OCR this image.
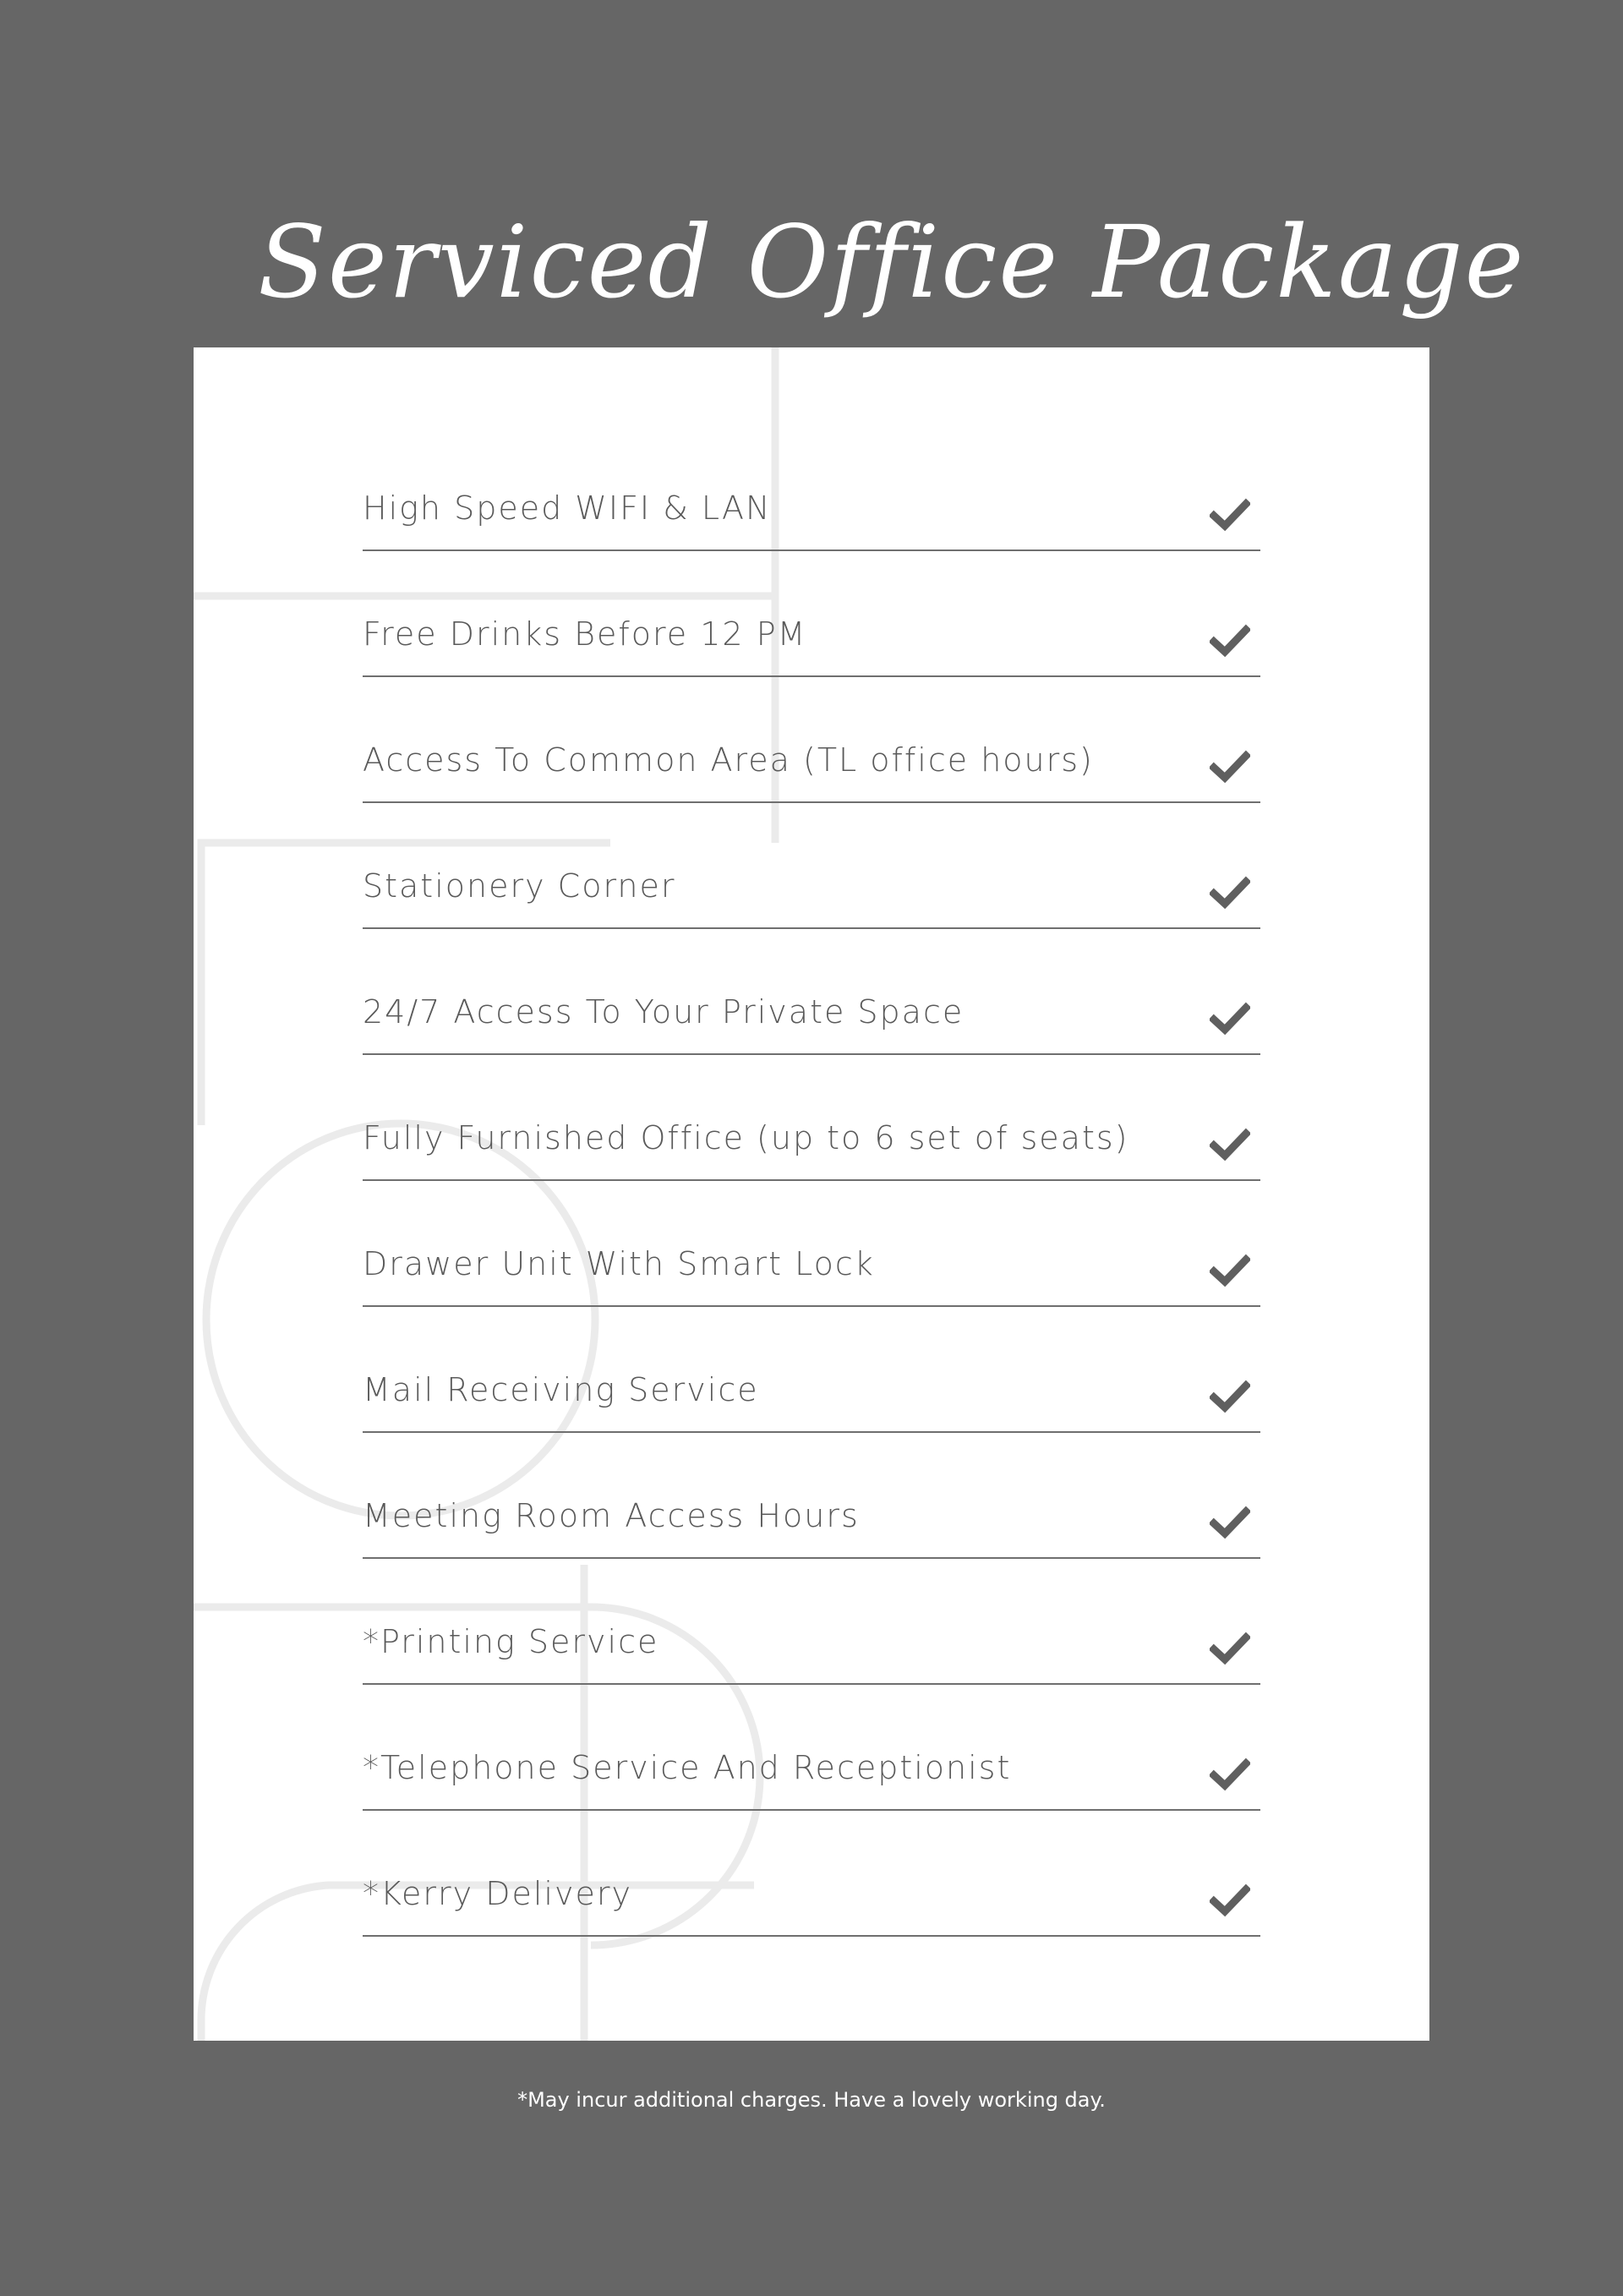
Serviced Office Package
High Speed WIFI & LAN
Free Drinks Before 12 PM
Access To Common Area (TL office hours)
Stationery Corner
24/7 Access To Your Private Space
Fully Furnished Office (up to 6 set of seats)
Drawer Unit With Smart Lock
Mail Receiving Service
Meeting Room Access Hours
*Printing Service
*Telephone Service And Receptionist
*Kerry Delivery

*May incur additional charges. Have a lovely working day.
